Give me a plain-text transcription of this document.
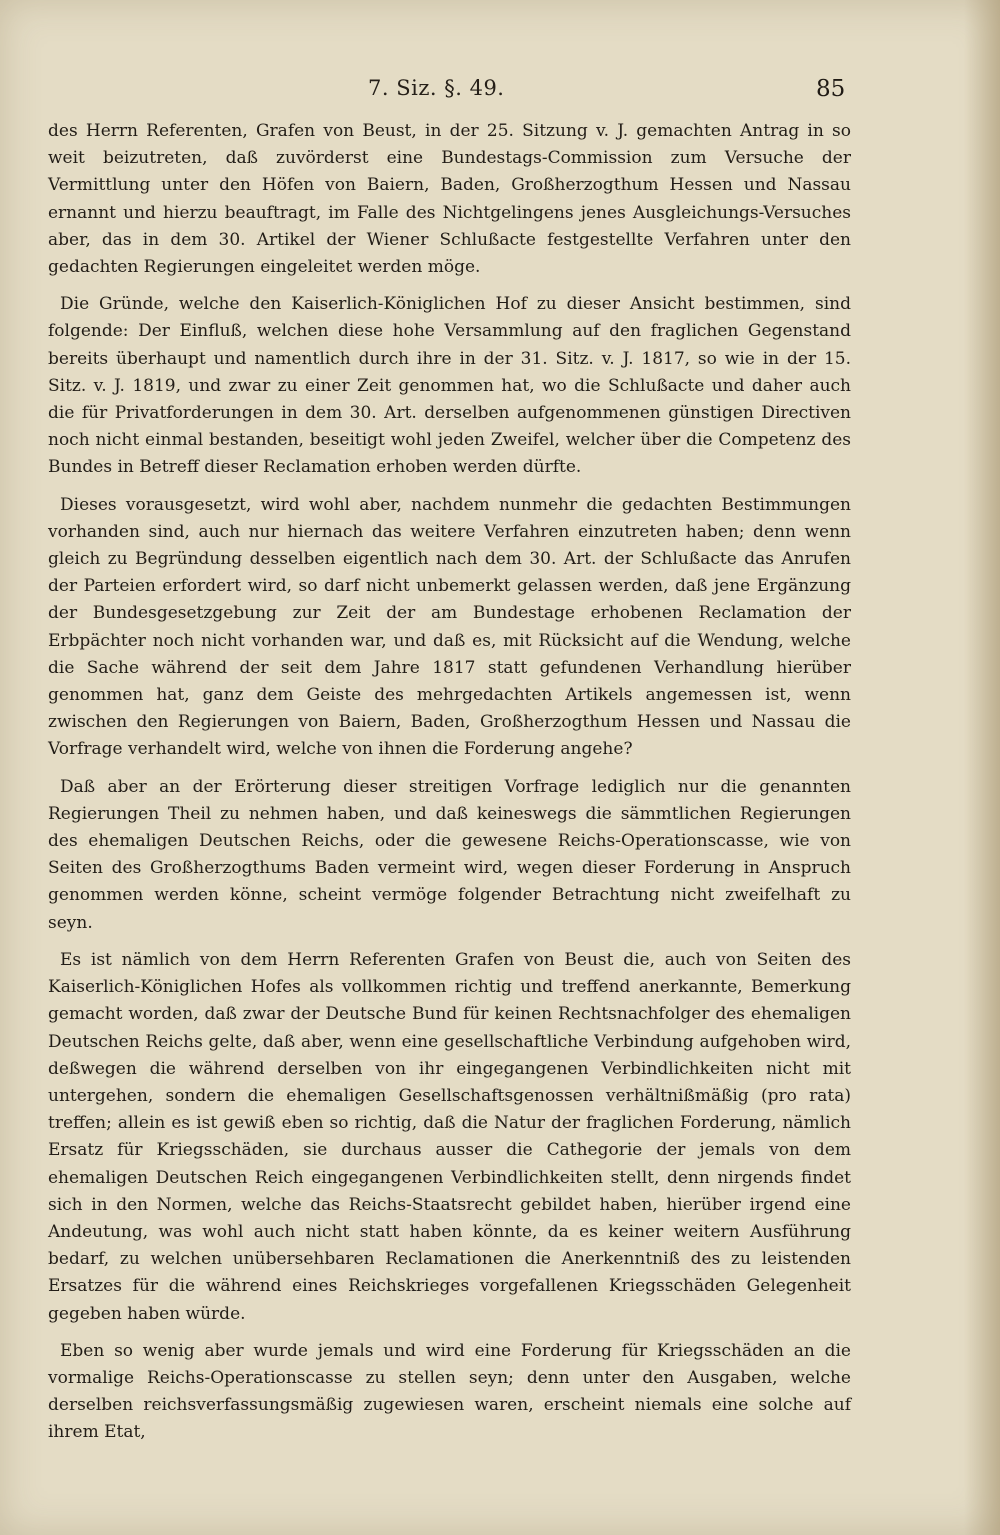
7. Siz. §. 49.	85

des Herrn Referenten, Grafen von Beust, in der 25. Sitzung v. J. gemachten Antrag in so weit beizutreten, daß zuvörderst eine Bundestags-Commission zum Versuche der Vermittlung unter den Höfen von Baiern, Baden, Großherzogthum Hessen und Nassau ernannt und hierzu beauftragt, im Falle des Nichtgelingens jenes Ausgleichungs-Versuches aber, das in dem 30. Artikel der Wiener Schlußacte festgestellte Verfahren unter den gedachten Regierungen eingeleitet werden möge.

Die Gründe, welche den Kaiserlich-Königlichen Hof zu dieser Ansicht bestimmen, sind folgende: Der Einfluß, welchen diese hohe Versammlung auf den fraglichen Gegenstand bereits überhaupt und namentlich durch ihre in der 31. Sitz. v. J. 1817, so wie in der 15. Sitz. v. J. 1819, und zwar zu einer Zeit genommen hat, wo die Schlußacte und daher auch die für Privatforderungen in dem 30. Art. derselben aufgenommenen günstigen Directiven noch nicht einmal bestanden, beseitigt wohl jeden Zweifel, welcher über die Competenz des Bundes in Betreff dieser Reclamation erhoben werden dürfte.

Dieses vorausgesetzt, wird wohl aber, nachdem nunmehr die gedachten Bestimmungen vorhanden sind, auch nur hiernach das weitere Verfahren einzutreten haben; denn wenn gleich zu Begründung desselben eigentlich nach dem 30. Art. der Schlußacte das Anrufen der Parteien erfordert wird, so darf nicht unbemerkt gelassen werden, daß jene Ergänzung der Bundesgesetzgebung zur Zeit der am Bundestage erhobenen Reclamation der Erbpächter noch nicht vorhanden war, und daß es, mit Rücksicht auf die Wendung, welche die Sache während der seit dem Jahre 1817 statt gefundenen Verhandlung hierüber genommen hat, ganz dem Geiste des mehrgedachten Artikels angemessen ist, wenn zwischen den Regierungen von Baiern, Baden, Großherzogthum Hessen und Nassau die Vorfrage verhandelt wird, welche von ihnen die Forderung angehe?

Daß aber an der Erörterung dieser streitigen Vorfrage lediglich nur die genannten Regierungen Theil zu nehmen haben, und daß keineswegs die sämmtlichen Regierungen des ehemaligen Deutschen Reichs, oder die gewesene Reichs-Operationscasse, wie von Seiten des Großherzogthums Baden vermeint wird, wegen dieser Forderung in Anspruch genommen werden könne, scheint vermöge folgender Betrachtung nicht zweifelhaft zu seyn.

Es ist nämlich von dem Herrn Referenten Grafen von Beust die, auch von Seiten des Kaiserlich-Königlichen Hofes als vollkommen richtig und treffend anerkannte, Bemerkung gemacht worden, daß zwar der Deutsche Bund für keinen Rechtsnachfolger des ehemaligen Deutschen Reichs gelte, daß aber, wenn eine gesellschaftliche Verbindung aufgehoben wird, deßwegen die während derselben von ihr eingegangenen Verbindlichkeiten nicht mit untergehen, sondern die ehemaligen Gesellschaftsgenossen verhältnißmäßig (pro rata) treffen; allein es ist gewiß eben so richtig, daß die Natur der fraglichen Forderung, nämlich Ersatz für Kriegsschäden, sie durchaus ausser die Cathegorie der jemals von dem ehemaligen Deutschen Reich eingegangenen Verbindlichkeiten stellt, denn nirgends findet sich in den Normen, welche das Reichs-Staatsrecht gebildet haben, hierüber irgend eine Andeutung, was wohl auch nicht statt haben könnte, da es keiner weitern Ausführung bedarf, zu welchen unübersehbaren Reclamationen die Anerkenntniß des zu leistenden Ersatzes für die während eines Reichskrieges vorgefallenen Kriegsschäden Gelegenheit gegeben haben würde.

Eben so wenig aber wurde jemals und wird eine Forderung für Kriegsschäden an die vormalige Reichs-Operationscasse zu stellen seyn; denn unter den Ausgaben, welche derselben reichsverfassungsmäßig zugewiesen waren, erscheint niemals eine solche auf ihrem Etat,
